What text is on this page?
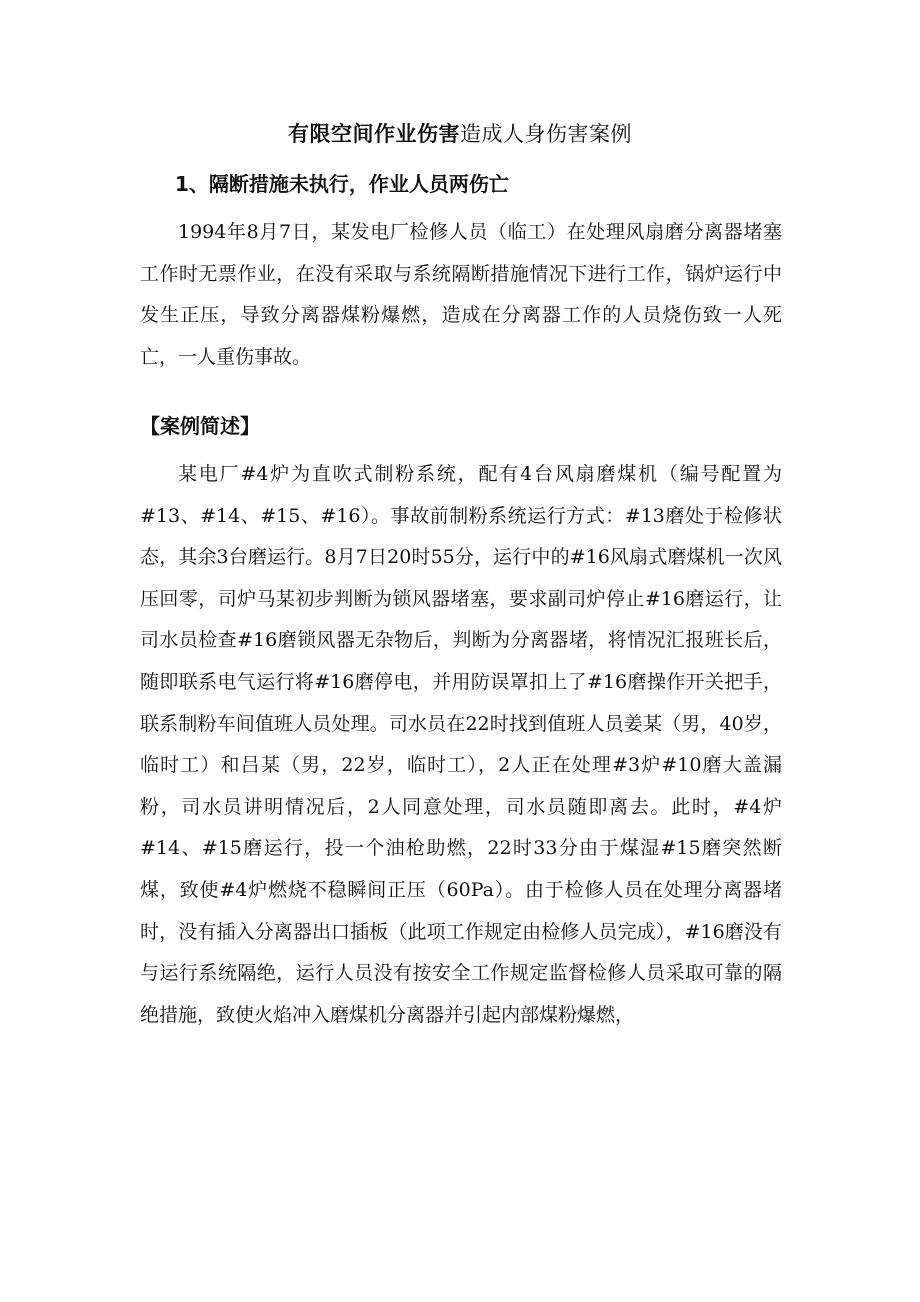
有限空间作业伤害造成人身伤害案例
1、隔断措施未执行，作业人员两伤亡

1994年8月7日，某发电厂检修人员（临工）在处理风扇磨分离器堵塞工作时无票作业，在没有采取与系统隔断措施情况下进行工作，锅炉运行中发生正压，导致分离器煤粉爆燃，造成在分离器工作的人员烧伤致一人死亡，一人重伤事故。

【案例简述】

某电厂#4炉为直吹式制粉系统，配有4台风扇磨煤机（编号配置为#13、#14、#15、#16）。事故前制粉系统运行方式：#13磨处于检修状态，其余3台磨运行。8月7日20时55分，运行中的#16风扇式磨煤机一次风压回零，司炉马某初步判断为锁风器堵塞，要求副司炉停止#16磨运行，让司水员检查#16磨锁风器无杂物后，判断为分离器堵，将情况汇报班长后，随即联系电气运行将#16磨停电，并用防误罩扣上了#16磨操作开关把手，联系制粉车间值班人员处理。司水员在22时找到值班人员姜某（男，40岁，临时工）和吕某（男，22岁，临时工），2人正在处理#3炉#10磨大盖漏粉，司水员讲明情况后，2人同意处理，司水员随即离去。此时，#4炉#14、#15磨运行，投一个油枪助燃，22时33分由于煤湿#15磨突然断煤，致使#4炉燃烧不稳瞬间正压（60Pa）。由于检修人员在处理分离器堵时，没有插入分离器出口插板（此项工作规定由检修人员完成），#16磨没有与运行系统隔绝，运行人员没有按安全工作规定监督检修人员采取可靠的隔绝措施，致使火焰冲入磨煤机分离器并引起内部煤粉爆燃，
